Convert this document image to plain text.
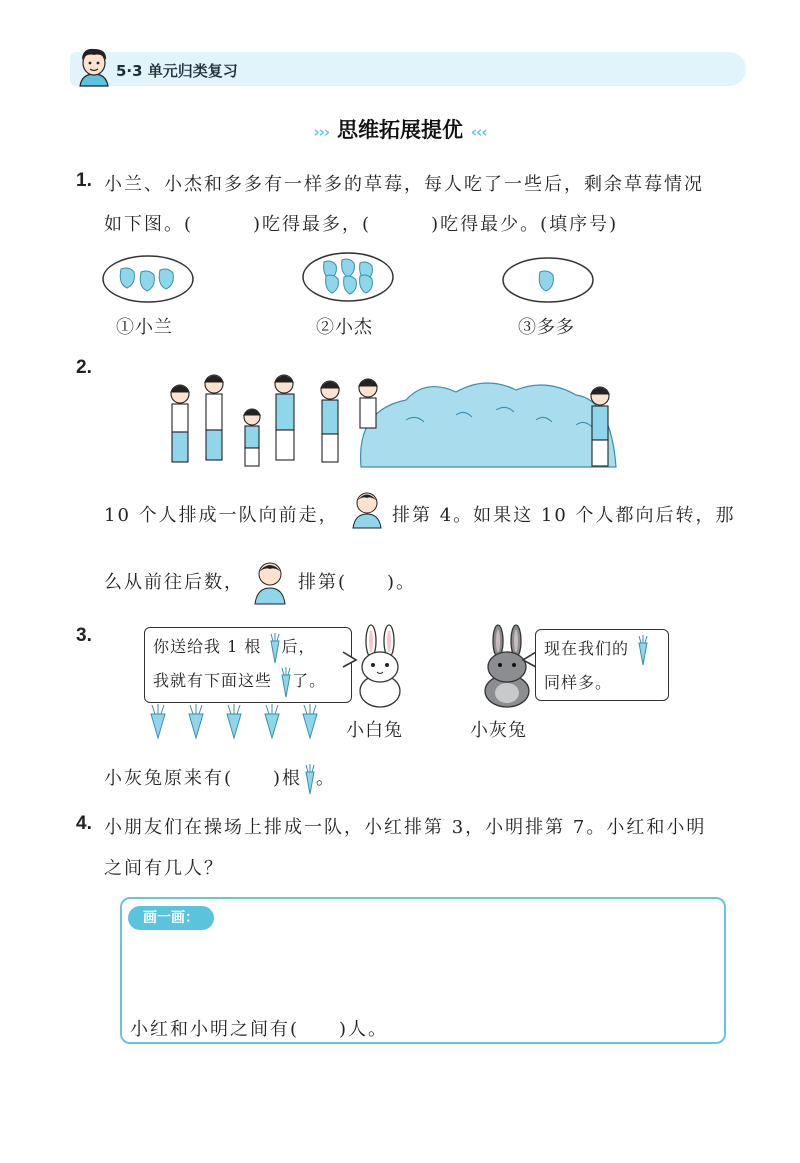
5·3 单元归类复习
››› 思维拓展提优 ‹‹‹
1. 小兰、小杰和多多有一样多的草莓，每人吃了一些后，剩余草莓情况
如下图。(　　　)吃得最多，(　　　)吃得最少。(填序号)
①小兰	②小杰	③多多
2.
10 个人排成一队向前走，	排第 4。如果这 10 个人都向后转，那
么从前往后数，	排第(　　)。
3.
你送给我 1 根 后，
我就有下面这些 了。
小白兔	小灰兔
现在我们的
同样多。
小灰兔原来有(　　)根 。
4. 小朋友们在操场上排成一队，小红排第 3，小明排第 7。小红和小明
之间有几人？
画一画：
小红和小明之间有(　　)人。
